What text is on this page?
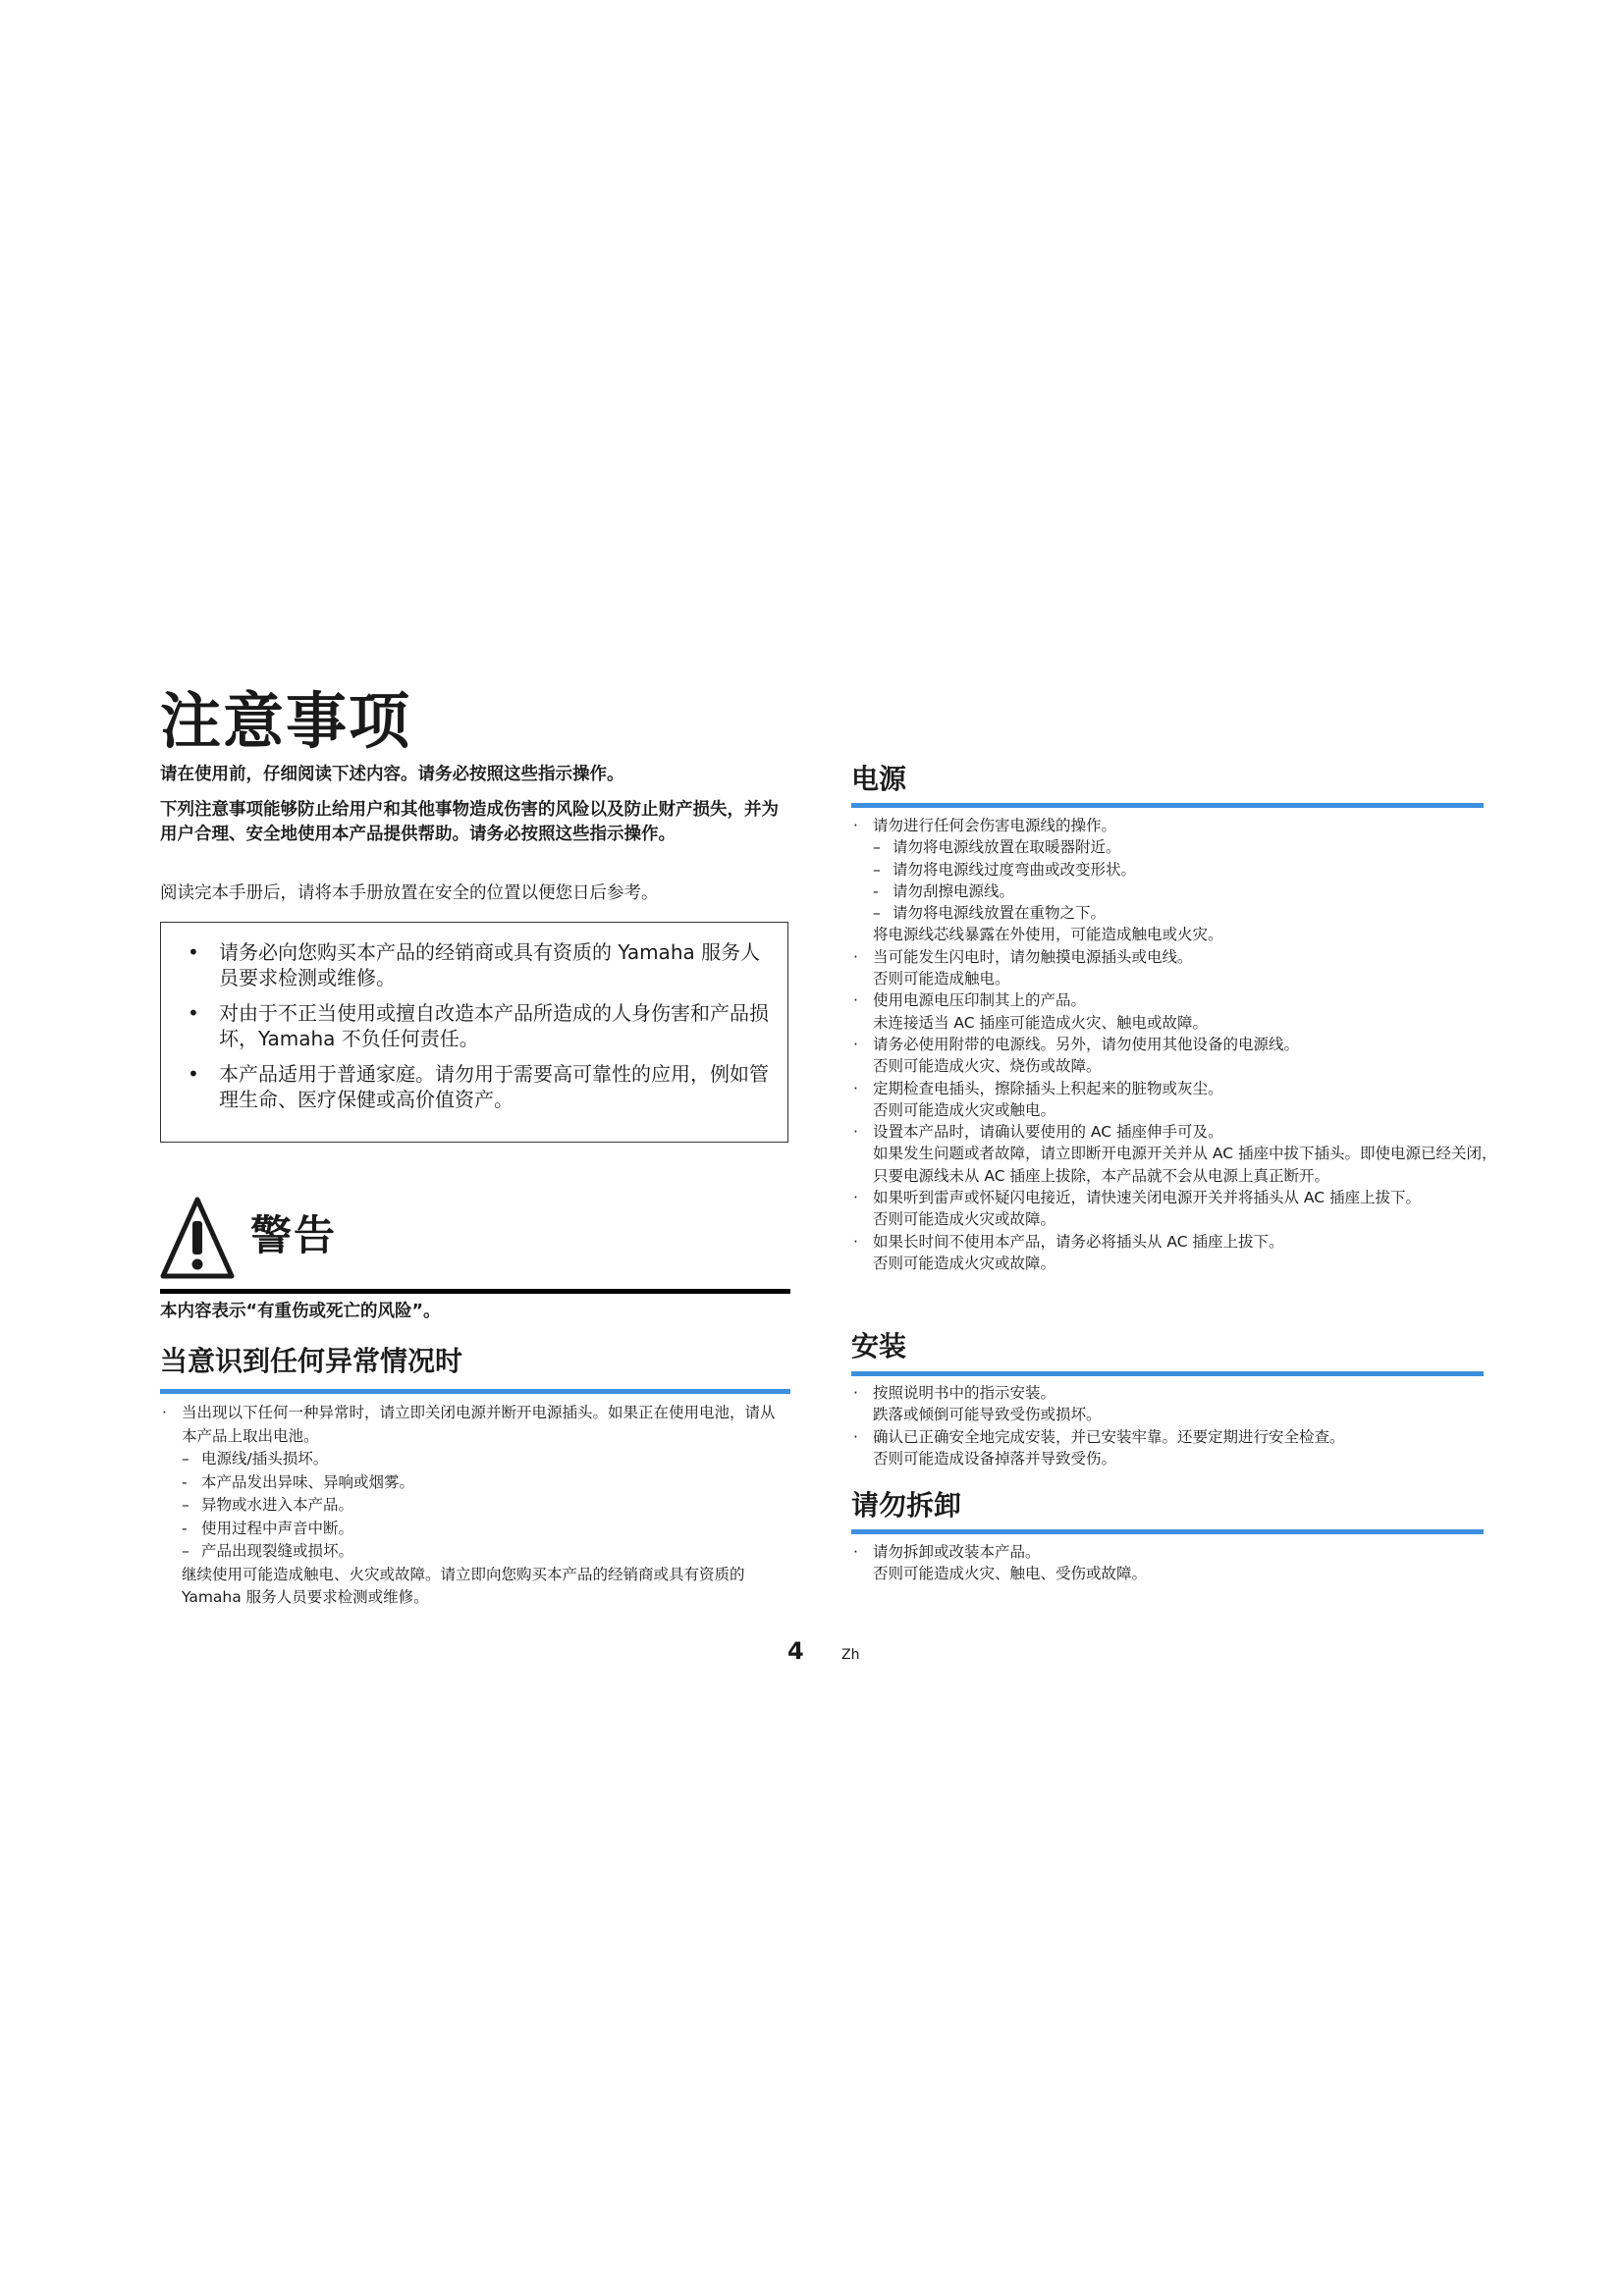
注意事项
请在使用前，仔细阅读下述内容。请务必按照这些指示操作。
下列注意事项能够防止给用户和其他事物造成伤害的风险以及防止财产损失，并为用户合理、安全地使用本产品提供帮助。请务必按照这些指示操作。
阅读完本手册后，请将本手册放置在安全的位置以便您日后参考。
• 请务必向您购买本产品的经销商或具有资质的 Yamaha 服务人员要求检测或维修。
• 对由于不正当使用或擅自改造本产品所造成的人身伤害和产品损坏，Yamaha 不负任何责任。
• 本产品适用于普通家庭。请勿用于需要高可靠性的应用，例如管理生命、医疗保健或高价值资产。
警告
本内容表示“有重伤或死亡的风险”。
当意识到任何异常情况时
· 当出现以下任何一种异常时，请立即关闭电源并断开电源插头。如果正在使用电池，请从本产品上取出电池。
– 电源线/插头损坏。
- 本产品发出异味、异响或烟雾。
– 异物或水进入本产品。
- 使用过程中声音中断。
– 产品出现裂缝或损坏。
继续使用可能造成触电、火灾或故障。请立即向您购买本产品的经销商或具有资质的 Yamaha 服务人员要求检测或维修。
电源
· 请勿进行任何会伤害电源线的操作。
– 请勿将电源线放置在取暖器附近。
– 请勿将电源线过度弯曲或改变形状。
- 请勿刮擦电源线。
– 请勿将电源线放置在重物之下。
将电源线芯线暴露在外使用，可能造成触电或火灾。
· 当可能发生闪电时，请勿触摸电源插头或电线。
否则可能造成触电。
· 使用电源电压印制其上的产品。
未连接适当 AC 插座可能造成火灾、触电或故障。
· 请务必使用附带的电源线。另外，请勿使用其他设备的电源线。
否则可能造成火灾、烧伤或故障。
· 定期检查电插头，擦除插头上积起来的脏物或灰尘。
否则可能造成火灾或触电。
· 设置本产品时，请确认要使用的 AC 插座伸手可及。
如果发生问题或者故障，请立即断开电源开关并从 AC 插座中拔下插头。即使电源已经关闭，只要电源线未从 AC 插座上拔除，本产品就不会从电源上真正断开。
· 如果听到雷声或怀疑闪电接近，请快速关闭电源开关并将插头从 AC 插座上拔下。
否则可能造成火灾或故障。
· 如果长时间不使用本产品，请务必将插头从 AC 插座上拔下。
否则可能造成火灾或故障。
安装
· 按照说明书中的指示安装。
跌落或倾倒可能导致受伤或损坏。
· 确认已正确安全地完成安装，并已安装牢靠。还要定期进行安全检查。
否则可能造成设备掉落并导致受伤。
请勿拆卸
· 请勿拆卸或改装本产品。
否则可能造成火灾、触电、受伤或故障。
4	Zh
